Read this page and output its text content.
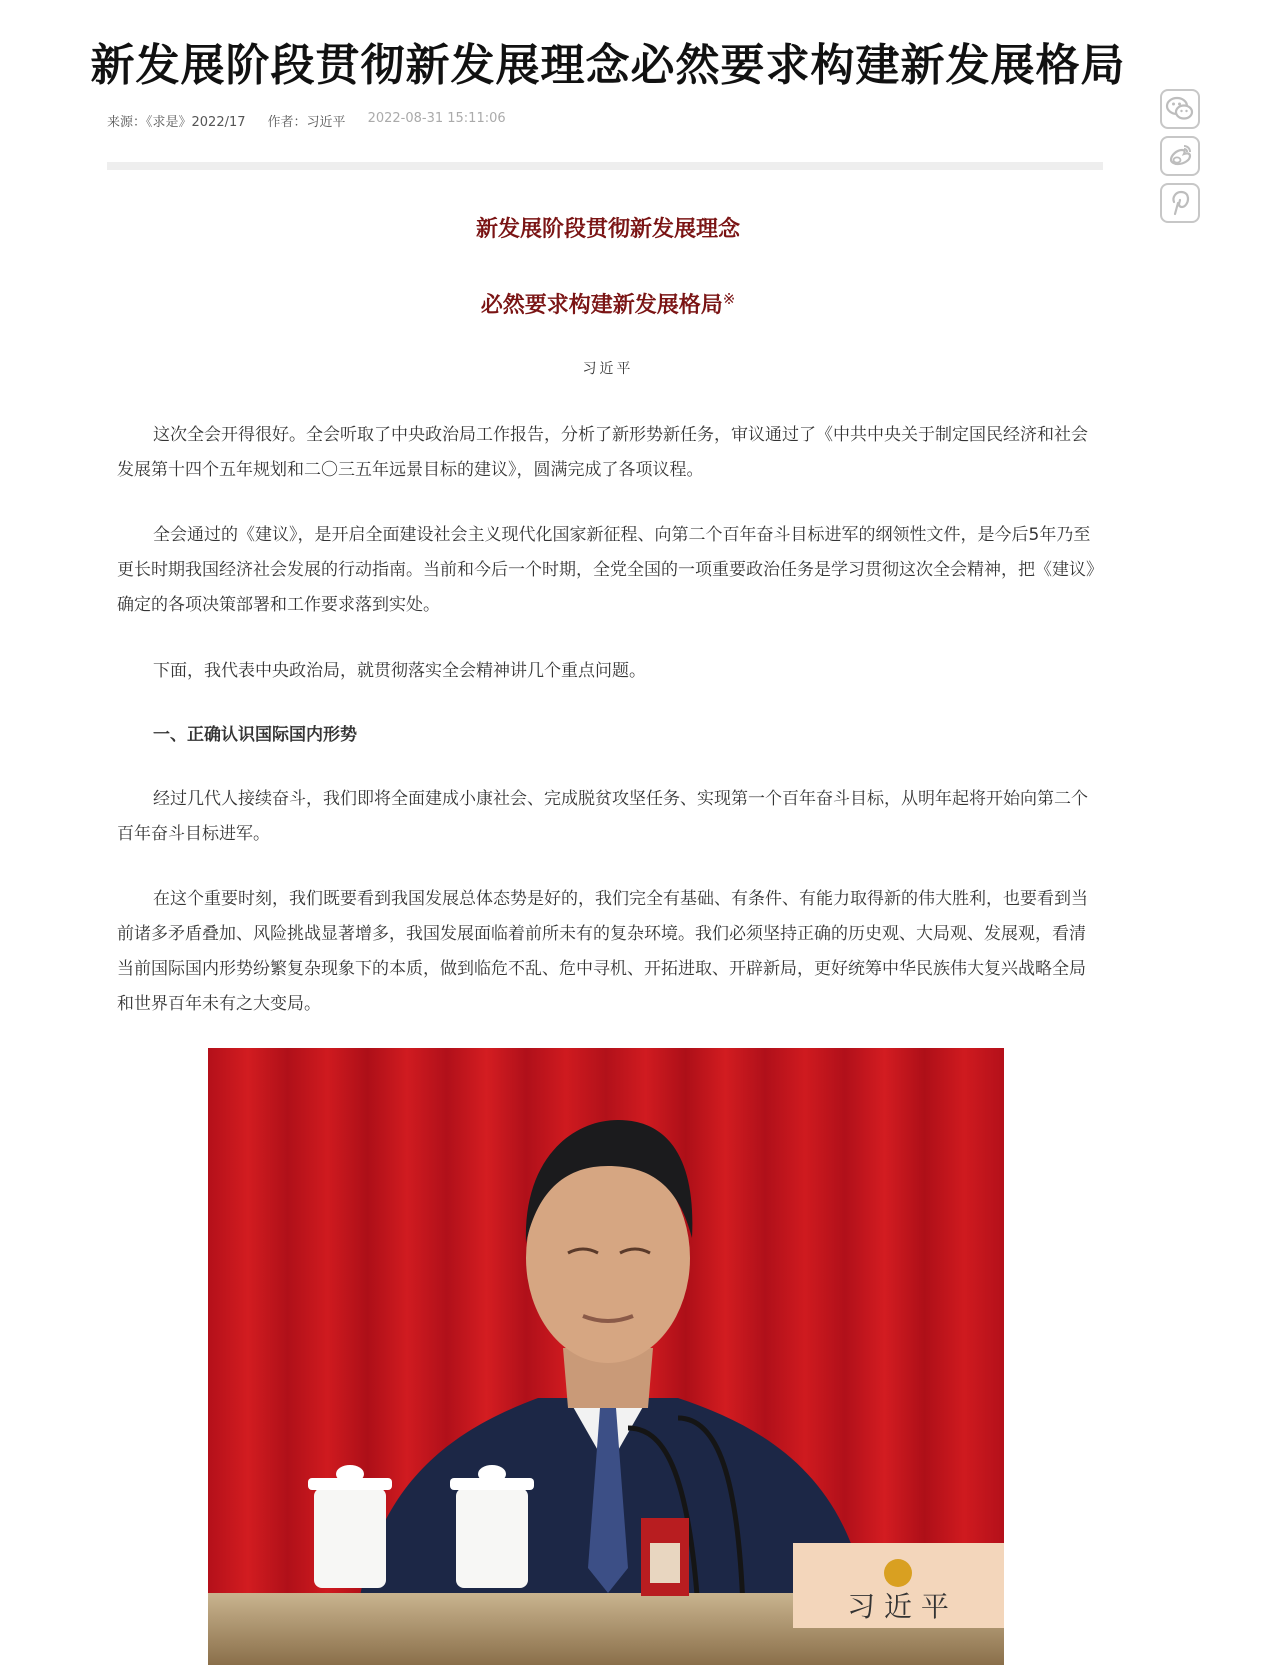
新发展阶段贯彻新发展理念必然要求构建新发展格局
来源：《求是》2022/17 作者：习近平 2022-08-31 15:11:06
新发展阶段贯彻新发展理念
必然要求构建新发展格局※
习近平

这次全会开得很好。全会听取了中央政治局工作报告，分析了新形势新任务，审议通过了《中共中央关于制定国民经济和社会发展第十四个五年规划和二〇三五年远景目标的建议》，圆满完成了各项议程。

全会通过的《建议》，是开启全面建设社会主义现代化国家新征程、向第二个百年奋斗目标进军的纲领性文件，是今后5年乃至更长时期我国经济社会发展的行动指南。当前和今后一个时期，全党全国的一项重要政治任务是学习贯彻这次全会精神，把《建议》确定的各项决策部署和工作要求落到实处。

下面，我代表中央政治局，就贯彻落实全会精神讲几个重点问题。

一、正确认识国际国内形势

经过几代人接续奋斗，我们即将全面建成小康社会、完成脱贫攻坚任务、实现第一个百年奋斗目标，从明年起将开始向第二个百年奋斗目标进军。

在这个重要时刻，我们既要看到我国发展总体态势是好的，我们完全有基础、有条件、有能力取得新的伟大胜利，也要看到当前诸多矛盾叠加、风险挑战显著增多，我国发展面临着前所未有的复杂环境。我们必须坚持正确的历史观、大局观、发展观，看清当前国际国内形势纷繁复杂现象下的本质，做到临危不乱、危中寻机、开拓进取、开辟新局，更好统筹中华民族伟大复兴战略全局和世界百年未有之大变局。

习 近 平
